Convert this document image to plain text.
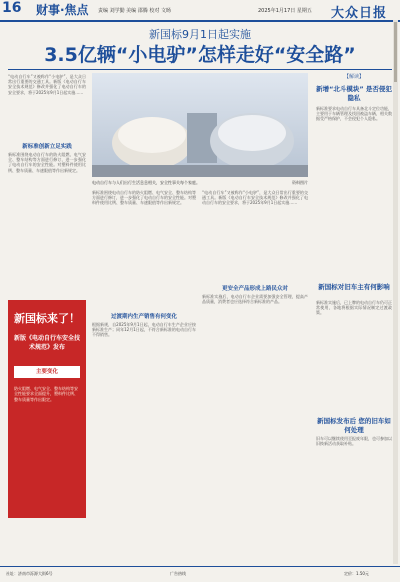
16 财事·焦点 责编 刘学勤 美编 邵腾 校对 文旸	2025年1月17日 星期五 大众日报
新国标9月1日起实施
3.5亿辆“小电驴”怎样走好“安全路”
“电动自行车”又被称作“小电驴”，是大众日常出行重要的交通工具。新版《电动自行车安全技术规范》修改并强化了电动自行车的安全要求，将于2025年9月1日起实施……
新标准创新立足实践
新标准围绕电动自行车的防火阻燃、电气安全、整车结构等方面进行修订，进一步强化了电动自行车的安全性能。对塑料件使用比例、整车质量、车速限值等作出新规定。
新国标来了！
新版《电动自行车安全技术规范》发布
主要变化
防火阻燃、电气安全、整车结构等安全性能要求全面提升，塑料件比例、整车质量等作出限定。
电动自行车与人们出行生活息息相关，安全性事关每个家庭。	资料图片
新标准围绕电动自行车的防火阻燃、电气安全、整车结构等方面进行修订，进一步强化了电动自行车的安全性能。对塑料件使用比例、整车质量、车速限值等作出新规定。
过渡期内生产销售有何变化
根据新规，自2025年9月1日起，电动自行车生产企业应按新标准生产；同年12月1日起，不符合新标准的电动自行车不得销售。
“电动自行车”又被称作“小电驴”，是大众日常出行重要的交通工具。新版《电动自行车安全技术规范》修改并强化了电动自行车的安全要求，将于2025年9月1日起实施……
更安全产品形成上路民众对
新标准实施后，电动自行车企业需要加强安全管理，提高产品质量，消费者也应选择符合新标准的产品。
【解读】
新增“北斗模块” 是否侵犯隐私
新标准要求电动自行车具备北斗定位功能，主要用于车辆管理及找回被盗车辆，相关数据受严格保护，不会侵犯个人隐私。
新国标对旧车主有何影响
新标准实施后，已上牌的电动自行车仍可正常使用，各地将根据实际情况制定过渡政策。
新国标发布后 您的旧车如何处理
旧车可以继续使用至报废年限，也可参加以旧换新活动获取补贴。
社址：济南市泺源大街6号	广告热线	定价：1.50元
